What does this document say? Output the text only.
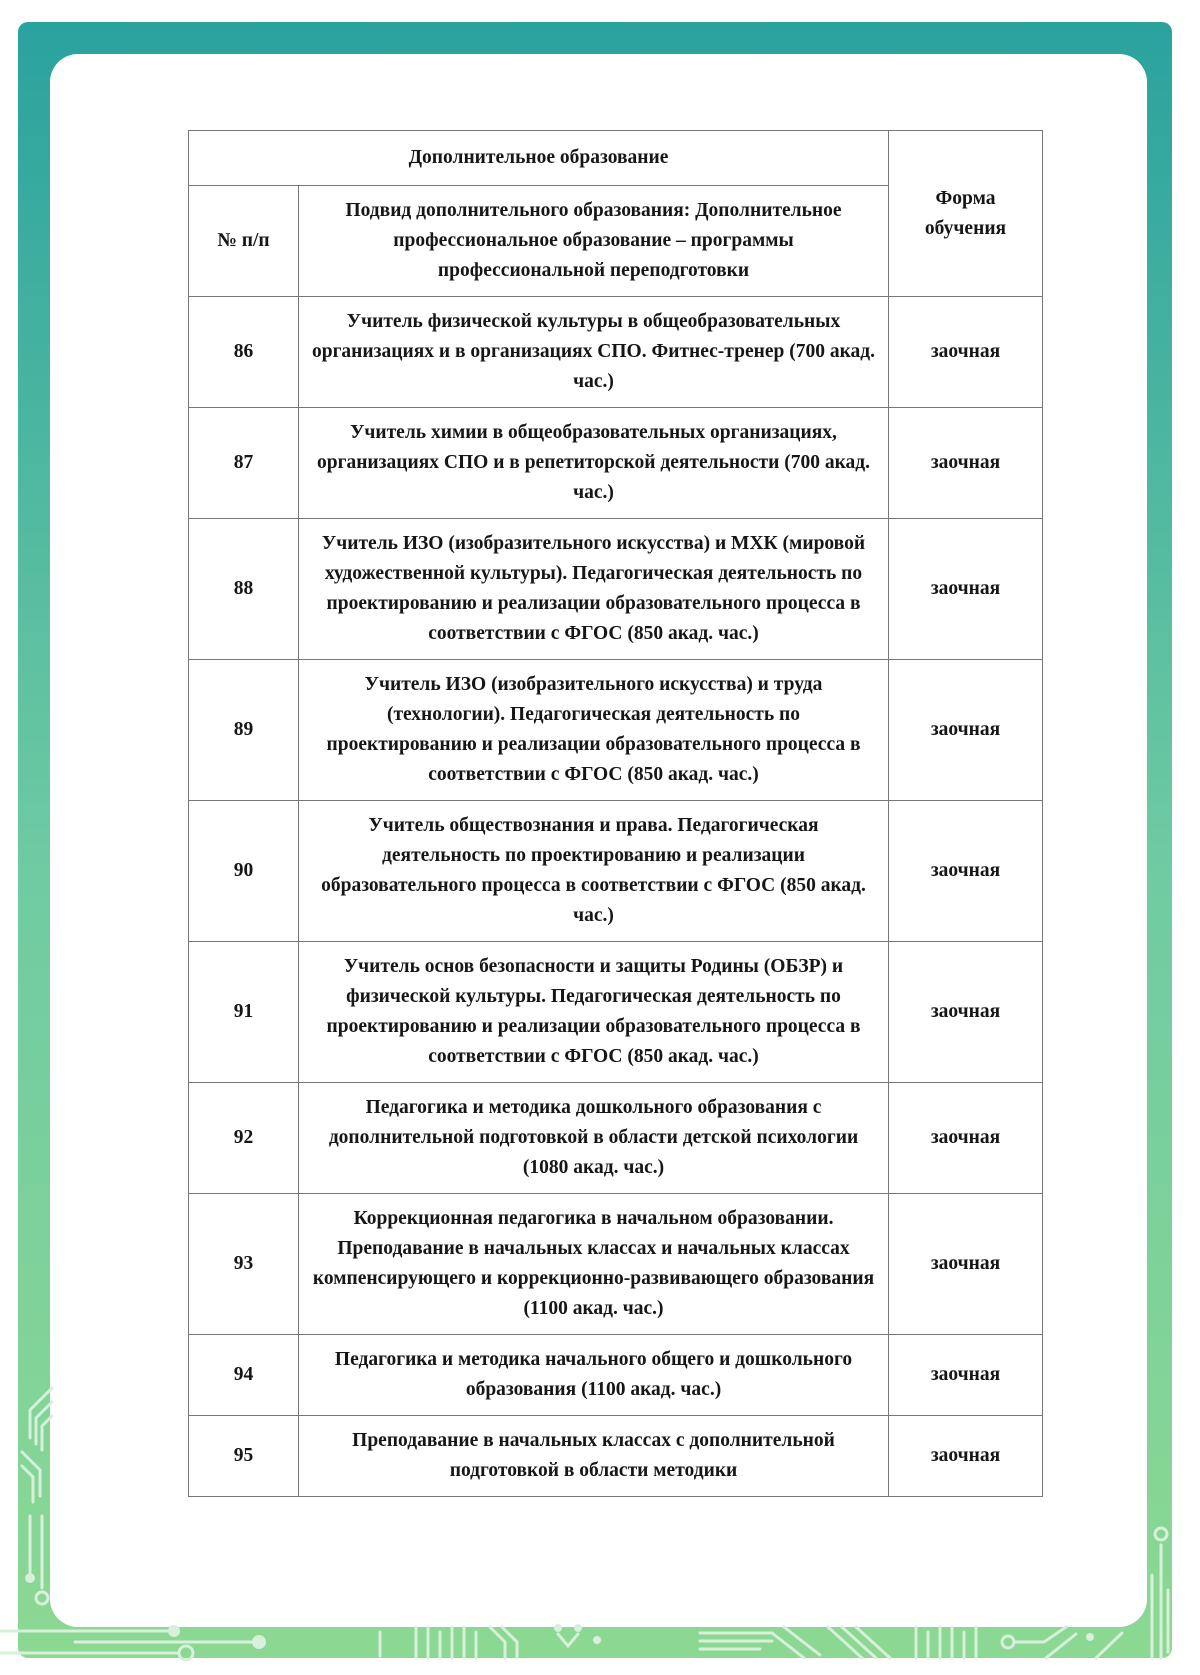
Дополнительное образование		Форма обучения
№ п/п	Подвид дополнительного образования: Дополнительное профессиональное образование – программы профессиональной переподготовки	
86	Учитель физической культуры в общеобразовательных организациях и в организациях СПО. Фитнес-тренер (700 акад. час.)	заочная
87	Учитель химии в общеобразовательных организациях, организациях СПО и в репетиторской деятельности (700 акад. час.)	заочная
88	Учитель ИЗО (изобразительного искусства) и МХК (мировой художественной культуры). Педагогическая деятельность по проектированию и реализации образовательного процесса в соответствии с ФГОС (850 акад. час.)	заочная
89	Учитель ИЗО (изобразительного искусства) и труда (технологии). Педагогическая деятельность по проектированию и реализации образовательного процесса в соответствии с ФГОС (850 акад. час.)	заочная
90	Учитель обществознания и права. Педагогическая деятельность по проектированию и реализации образовательного процесса в соответствии с ФГОС (850 акад. час.)	заочная
91	Учитель основ безопасности и защиты Родины (ОБЗР) и физической культуры. Педагогическая деятельность по проектированию и реализации образовательного процесса в соответствии с ФГОС (850 акад. час.)	заочная
92	Педагогика и методика дошкольного образования с дополнительной подготовкой в области детской психологии (1080 акад. час.)	заочная
93	Коррекционная педагогика в начальном образовании. Преподавание в начальных классах и начальных классах компенсирующего и коррекционно-развивающего образования (1100 акад. час.)	заочная
94	Педагогика и методика начального общего и дошкольного образования (1100 акад. час.)	заочная
95	Преподавание в начальных классах с дополнительной подготовкой в области методики	заочная
